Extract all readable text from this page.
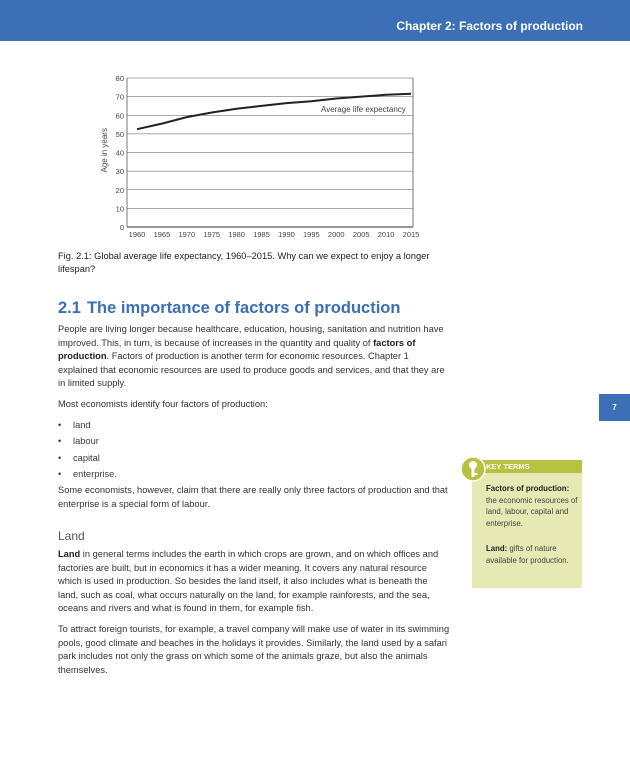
Chapter 2: Factors of production
7
0
10
20
30
40
50
60
70
80
1960 1965 1970 1975 1980 1985 1990 1995 2000 2005 2010 2015
Average life expectancy
Age in years
Fig. 2.1: Global average life expectancy, 1960–2015. Why can we expect to enjoy a longer lifespan?
2.1 The importance of factors of production

People are living longer because healthcare, education, housing, sanitation and nutrition have improved. This, in turn, is because of increases in the quantity and quality of factors of production. Factors of production is another term for economic resources. Chapter 1 explained that economic resources are used to produce goods and services, and that they are in limited supply.

Most economists identify four factors of production:

• land
• labour
• capital
• enterprise.

Some economists, however, claim that there are really only three factors of production and that enterprise is a special form of labour.

Land

Land in general terms includes the earth in which crops are grown, and on which offices and factories are built, but in economics it has a wider meaning. It covers any natural resource which is used in production. So besides the land itself, it also includes what is beneath the land, such as coal, what occurs naturally on the land, for example rainforests, and the sea, oceans and rivers and what is found in them, for example fish.

To attract foreign tourists, for example, a travel company will make use of water in its swimming pools, good climate and beaches in the holidays it provides. Similarly, the land used by a safari park includes not only the grass on which some of the animals graze, but also the animals themselves.

KEY TERMS

Factors of production: the economic resources of land, labour, capital and enterprise.

Land: gifts of nature available for production.
